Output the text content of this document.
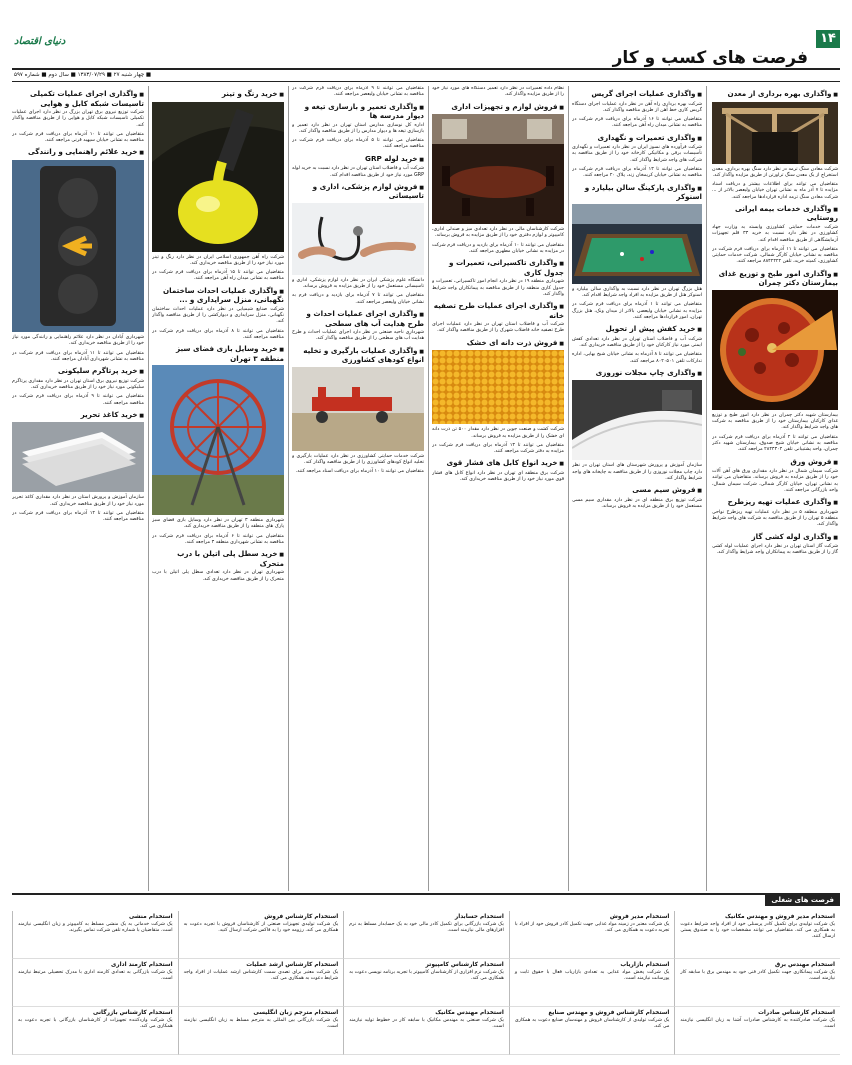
۱۴
فرصت های کسب و کار
دنیای اقتصاد
■ چهار شنبه ۲۷ ■ ۱۳۸۳/۰۷/۲۹ ■ سال دوم ■ شماره ۵۹۷
■ واگذاری بهره برداری از معدن

شرکت معادن سنگ ترمه در نظر دارد سنگ بهره برداری، معدن استخراج از یک معدن سنگ تراورتن از طریق مزایده واگذار کند.

متقاضیان می توانند برای اطلاعات بیشتر و دریافت اسناد مزایده تا ۷ آذر ماه به نشانی تهران خیابان ولیعصر بالاتر از ... شرکت معادن سنگ ترمه اداره قراردادها مراجعه کنند.

■ واگذاری خدمات بیمه ایرانی روستایی

شرکت خدمات حمایتی کشاورزی وابسته به وزارت جهاد کشاورزی در نظر دارد نسبت به خرید ۳۳ قلم تجهیزات آزمایشگاهی از طریق مناقصه اقدام کند.

متقاضیان می توانند تا ۱۱ آذرماه برای دریافت فرم شرکت در مناقصه به نشانی خیابان کارگر شمالی، شرکت خدمات حمایتی کشاورزی، کمیته خرید، تلفن ۸۸۴۲۴۲۲ مراجعه کنند.

■ واگذاری امور طبخ و توزیع غذای بیمارستان دکتر چمران

بیمارستان شهید دکتر چمران در نظر دارد امور طبخ و توزیع غذای کارکنان بیمارستان خود را از طریق مناقصه به شرکت های واجد شرایط واگذار کند.

متقاضیان می توانند تا ۲ آذرماه برای دریافت فرم شرکت در مناقصه به نشانی خیابان شیخ صدوق، بیمارستان شهید دکتر چمران، واحد پشتیبانی تلفن ۲۸۴۴۳۰۴ مراجعه کنند.

■ فروش ورق

شرکت سیمان شمال در نظر دارد مقداری ورق های آهن آلات خود را از طریق مزایده به فروش برساند. متقاضیان می توانند به نشانی تهران، خیابان کارگر شمالی، شرکت سیمان شمال، واحد بازرگانی مراجعه کنند.

■ واگذاری عملیات تهیه ریزطرح

شهرداری منطقه ۵ در نظر دارد عملیات تهیه ریزطرح نواحی منطقه ۵ تهران را از طریق مناقصه به شرکت های واجد شرایط واگذار کند.

■ واگذاری لوله کشی گاز

شرکت گاز استان تهران در نظر دارد اجرای عملیات لوله کشی گاز را از طریق مناقصه به پیمانکاران واجد شرایط واگذار کند.

■ واگذاری عملیات اجرای گریس

شرکت بهره برداری راه آهن در نظر دارد عملیات اجرای دستگاه گریس کاری خط آهن از طریق مناقصه واگذار کند.

متقاضیان می توانند تا ۱۶ آذرماه برای دریافت فرم شرکت در مناقصه به نشانی میدان راه آهن مراجعه کنند.

■ واگذاری تعمیرات و نگهداری

شرکت فرآورده های نسوز ایران در نظر دارد تعمیرات و نگهداری تأسیسات برقی و مکانیکی کارخانه خود را از طریق مناقصه به شرکت های واجد شرایط واگذار کند.

متقاضیان می توانند تا ۱۳ آذرماه برای دریافت فرم شرکت در مناقصه به نشانی خیابان کریمخان زند، پلاک ۲۰ مراجعه کنند.

■ واگذاری پارکینگ سالن بیلیارد و اسنوکر

هتل بزرگ تهران در نظر دارد نسبت به واگذاری سالن بیلیارد و اسنوکر هتل از طریق مزایده به افراد واجد شرایط اقدام کند.

متقاضیان می توانند تا ۱ آذرماه برای دریافت فرم شرکت در مزایده به نشانی خیابان ولیعصر، بالاتر از میدان ونک، هتل بزرگ تهران، امور قراردادها مراجعه کنند.

■ خرید کفش پیش از تحویل

شرکت آب و فاضلاب استان تهران در نظر دارد تعدادی کفش ایمنی مورد نیاز کارکنان خود را از طریق مناقصه خریداری کند.

متقاضیان می توانند تا ۸ آذرماه به نشانی خیابان شیخ بهایی، اداره تدارکات تلفن ۸۰۲۰۵۰۱ مراجعه کنند.

■ واگذاری چاپ مجلات نوروزی

سازمان آموزش و پرورش شهرستان های استان تهران در نظر دارد چاپ مجلات نوروزی را از طریق مناقصه به چاپخانه های واجد شرایط واگذار کند.

■ فروش سیم مسی

شرکت توزیع برق منطقه ای در نظر دارد مقداری سیم مسی مستعمل خود را از طریق مزایده به فروش برساند.

نظام داده تعمیرات در نظر دارد تعمیر دستگاه های مورد نیاز خود را از طریق مزایده واگذار کند.

■ فروش لوازم و تجهیزات اداری

شرکت کارشناسان مالی در نظر دارد تعدادی میز و صندلی اداری، کامپیوتر و لوازم دفتری خود را از طریق مزایده به فروش برساند.

متقاضیان می توانند تا ۱۰ آذرماه برای بازدید و دریافت فرم شرکت در مزایده به نشانی خیابان مطهری مراجعه کنند.

■ واگذاری تاکسیرانی، تعمیرات و جدول کاری

شهرداری منطقه ۱۹ در نظر دارد انجام امور تاکسیرانی، تعمیرات و جدول کاری منطقه را از طریق مناقصه به پیمانکاران واجد شرایط واگذار کند.

■ واگذاری اجرای عملیات طرح تصفیه خانه

شرکت آب و فاضلاب استان تهران در نظر دارد عملیات اجرای طرح تصفیه خانه فاضلاب شهرک را از طریق مناقصه واگذار کند.

■ فروش ذرت دانه ای خشک

شرکت کشت و صنعت جوین در نظر دارد مقدار ۵۰۰ تن ذرت دانه ای خشک را از طریق مزایده به فروش برساند.

متقاضیان می توانند تا ۱۳ آذرماه برای دریافت فرم شرکت در مزایده به دفتر شرکت مراجعه کنند.

■ خرید انواع کابل های فشار قوی

شرکت برق منطقه ای تهران در نظر دارد انواع کابل های فشار قوی مورد نیاز خود را از طریق مناقصه خریداری کند.

متقاضیان می توانند تا ۹ آذرماه برای دریافت فرم شرکت در مناقصه به نشانی خیابان ولیعصر مراجعه کنند.

■ واگذاری تعمیر و بازسازی تیغه و دیوار مدرسه ها

اداره کل نوسازی مدارس استان تهران در نظر دارد تعمیر و بازسازی تیغه ها و دیوار مدارس را از طریق مناقصه واگذار کند.

متقاضیان می توانند تا ۵ آذرماه برای دریافت فرم شرکت در مناقصه مراجعه کنند.

■ خرید لوله GRP

شرکت آب و فاضلاب استان تهران در نظر دارد نسبت به خرید لوله GRP مورد نیاز خود از طریق مناقصه اقدام کند.

■ فروش لوازم پزشکی، اداری و تاسیساتی

دانشگاه علوم پزشکی ایران در نظر دارد لوازم پزشکی، اداری و تاسیساتی مستعمل خود را از طریق مزایده به فروش برساند.

متقاضیان می توانند تا ۷ آذرماه برای بازدید و دریافت فرم به نشانی خیابان ولیعصر مراجعه کنند.

■ واگذاری اجرای عملیات احداث و طرح هدایت آب های سطحی

شهرداری ناحیه صنعتی در نظر دارد اجرای عملیات احداث و طرح هدایت آب های سطحی را از طریق مناقصه واگذار کند.

■ واگذاری عملیات بارگیری و تخلیه انواع کودهای کشاورزی

شرکت خدمات حمایتی کشاورزی در نظر دارد عملیات بارگیری و تخلیه انواع کودهای کشاورزی را از طریق مناقصه واگذار کند.

متقاضیان می توانند تا ۱۰ آذرماه برای دریافت اسناد مراجعه کنند.

■ خرید رنگ و تینر

شرکت راه آهن جمهوری اسلامی ایران در نظر دارد رنگ و تینر مورد نیاز خود را از طریق مناقصه خریداری کند.

متقاضیان می توانند تا ۱۵ آذرماه برای دریافت فرم شرکت در مناقصه به نشانی میدان راه آهن مراجعه کنند.

■ واگذاری عملیات احداث ساختمان نگهبانی، منزل سرایداری و ...

شرکت صنایع شیمیایی در نظر دارد عملیات احداث ساختمان نگهبانی، منزل سرایداری و دیوارکشی را از طریق مناقصه واگذار کند.

متقاضیان می توانند تا ۸ آذرماه برای دریافت فرم شرکت در مناقصه مراجعه کنند.

■ خرید وسایل بازی فضای سبز منطقه ۳ تهران

شهرداری منطقه ۳ تهران در نظر دارد وسایل بازی فضای سبز پارک های منطقه را از طریق مناقصه خریداری کند.

متقاضیان می توانند تا ۶ آذرماه برای دریافت فرم شرکت در مناقصه به نشانی شهرداری منطقه ۳ مراجعه کنند.

■ خرید سطل پلی اتیلن با درب متحرک

شهرداری تهران در نظر دارد تعدادی سطل پلی اتیلن با درب متحرک را از طریق مناقصه خریداری کند.

■ واگذاری اجرای عملیات تکمیلی تاسیسات شبکه کابل و هوایی

شرکت توزیع نیروی برق تهران بزرگ در نظر دارد اجرای عملیات تکمیلی تاسیسات شبکه کابل و هوایی را از طریق مناقصه واگذار کند.

متقاضیان می توانند تا ۱۰ آذرماه برای دریافت فرم شرکت در مناقصه به نشانی خیابان سپهبد قرنی مراجعه کنند.

■ خرید علائم راهنمایی و رانندگی

شهرداری آبادان در نظر دارد علائم راهنمایی و رانندگی مورد نیاز خود را از طریق مناقصه خریداری کند.

متقاضیان می توانند تا ۱۱ آذرماه برای دریافت فرم شرکت در مناقصه به نشانی شهرداری آبادان مراجعه کنند.

■ خرید پرتاگرم سلیکونی

شرکت توزیع نیروی برق استان تهران در نظر دارد مقداری پرتاگرم سلیکونی مورد نیاز خود را از طریق مناقصه خریداری کند.

متقاضیان می توانند تا ۹ آذرماه برای دریافت فرم شرکت در مناقصه مراجعه کنند.

■ خرید کاغذ تحریر

سازمان آموزش و پرورش استان در نظر دارد مقداری کاغذ تحریر مورد نیاز خود را از طریق مناقصه خریداری کند.

متقاضیان می توانند تا ۱۴ آذرماه برای دریافت فرم شرکت در مناقصه مراجعه کنند.

فرصت های شغلی
استخدام مدیر فروش و مهندس مکانیک
یک شرکت تولیدی برای تکمیل کادر پرسنلی خود از افراد واجد شرایط دعوت به همکاری می کند. متقاضیان می توانند مشخصات خود را به صندوق پستی ارسال کنند.
استخدام مدیر فروش
یک شرکت معتبر در زمینه مواد غذایی جهت تکمیل کادر فروش خود از افراد با تجربه دعوت به همکاری می کند.
استخدام حسابدار
یک شرکت بازرگانی برای تکمیل کادر مالی خود به یک حسابدار مسلط به نرم افزارهای مالی نیازمند است.
استخدام کارشناس فروش
یک شرکت تولیدی تجهیزات صنعتی از کارشناسان فروش با تجربه دعوت به همکاری می کند. رزومه خود را به فاکس شرکت ارسال کنید.
استخدام منشی
یک شرکت خدماتی به یک منشی مسلط به کامپیوتر و زبان انگلیسی نیازمند است. متقاضیان با شماره تلفن شرکت تماس بگیرند.
استخدام مهندس برق
یک شرکت پیمانکاری جهت تکمیل کادر فنی خود به مهندس برق با سابقه کار نیازمند است.
استخدام بازاریاب
یک شرکت پخش مواد غذایی به تعدادی بازاریاب فعال با حقوق ثابت و پورسانت نیازمند است.
استخدام کارشناس کامپیوتر
یک شرکت نرم افزاری از کارشناسان کامپیوتر با تجربه برنامه نویسی دعوت به همکاری می کند.
استخدام کارشناس ارشد عملیات
یک شرکت معتبر برای تصدی سمت کارشناس ارشد عملیات از افراد واجد شرایط دعوت به همکاری می کند.
استخدام کارمند اداری
یک شرکت بازرگانی به تعدادی کارمند اداری با مدرک تحصیلی مرتبط نیازمند است.
استخدام کارشناس صادرات
یک شرکت صادرکننده به کارشناس صادرات آشنا به زبان انگلیسی نیازمند است.
استخدام کارشناس فروش و مهندس صنایع
یک شرکت تولیدی از کارشناسان فروش و مهندسان صنایع دعوت به همکاری می کند.
استخدام مهندس مکانیک
یک شرکت صنعتی به مهندس مکانیک با سابقه کار در خطوط تولید نیازمند است.
استخدام مترجم زبان انگلیسی
یک شرکت بازرگانی بین المللی به مترجم مسلط به زبان انگلیسی نیازمند است.
استخدام کارشناس بازرگانی
یک شرکت واردکننده تجهیزات از کارشناسان بازرگانی با تجربه دعوت به همکاری می کند.
